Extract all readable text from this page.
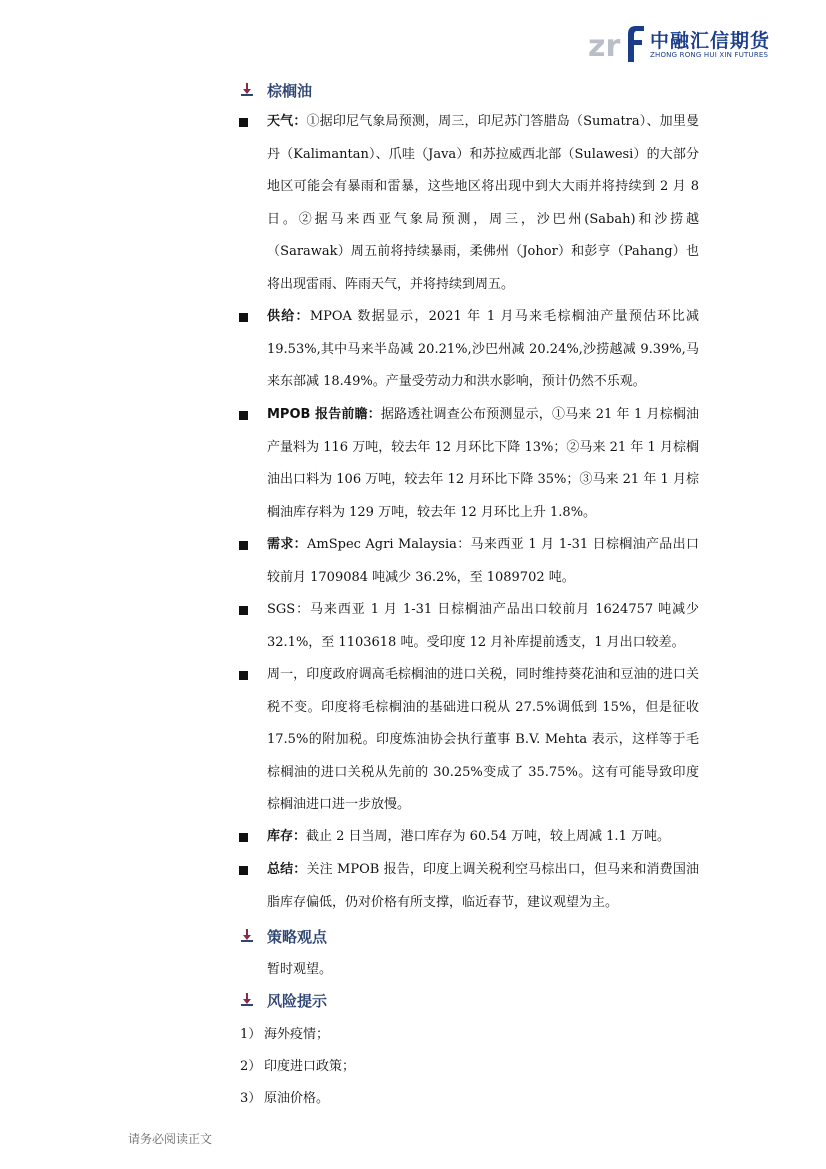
zr 中融汇信期货
ZHONG RONG HUI XIN FUTURES
棕榈油
天气：①据印尼气象局预测，周三，印尼苏门答腊岛（Sumatra）、加里曼丹（Kalimantan）、爪哇（Java）和苏拉威西北部（Sulawesi）的大部分地区可能会有暴雨和雷暴，这些地区将出现中到大大雨并将持续到 2 月 8 日。②据马来西亚气象局预测，周三，沙巴州(Sabah)和沙捞越（Sarawak）周五前将持续暴雨，柔佛州（Johor）和彭亨（Pahang）也将出现雷雨、阵雨天气，并将持续到周五。
供给：MPOA 数据显示，2021 年 1 月马来毛棕榈油产量预估环比减 19.53%,其中马来半岛减 20.21%,沙巴州减 20.24%,沙捞越减 9.39%,马来东部减 18.49%。产量受劳动力和洪水影响，预计仍然不乐观。
MPOB 报告前瞻：据路透社调查公布预测显示，①马来 21 年 1 月棕榈油产量料为 116 万吨，较去年 12 月环比下降 13%；②马来 21 年 1 月棕榈油出口料为 106 万吨，较去年 12 月环比下降 35%；③马来 21 年 1 月棕榈油库存料为 129 万吨，较去年 12 月环比上升 1.8%。
需求：AmSpec Agri Malaysia：马来西亚 1 月 1-31 日棕榈油产品出口较前月 1709084 吨减少 36.2%，至 1089702 吨。
SGS：马来西亚 1 月 1-31 日棕榈油产品出口较前月 1624757 吨减少 32.1%，至 1103618 吨。受印度 12 月补库提前透支，1 月出口较差。
周一，印度政府调高毛棕榈油的进口关税，同时维持葵花油和豆油的进口关税不变。印度将毛棕榈油的基础进口税从 27.5%调低到 15%，但是征收 17.5%的附加税。印度炼油协会执行董事 B.V. Mehta 表示，这样等于毛棕榈油的进口关税从先前的 30.25%变成了 35.75%。这有可能导致印度棕榈油进口进一步放慢。
库存：截止 2 日当周，港口库存为 60.54 万吨，较上周减 1.1 万吨。
总结：关注 MPOB 报告，印度上调关税利空马棕出口，但马来和消费国油脂库存偏低，仍对价格有所支撑，临近春节，建议观望为主。
策略观点
暂时观望。
风险提示
1） 海外疫情；
2） 印度进口政策；
3） 原油价格。
请务必阅读正文
